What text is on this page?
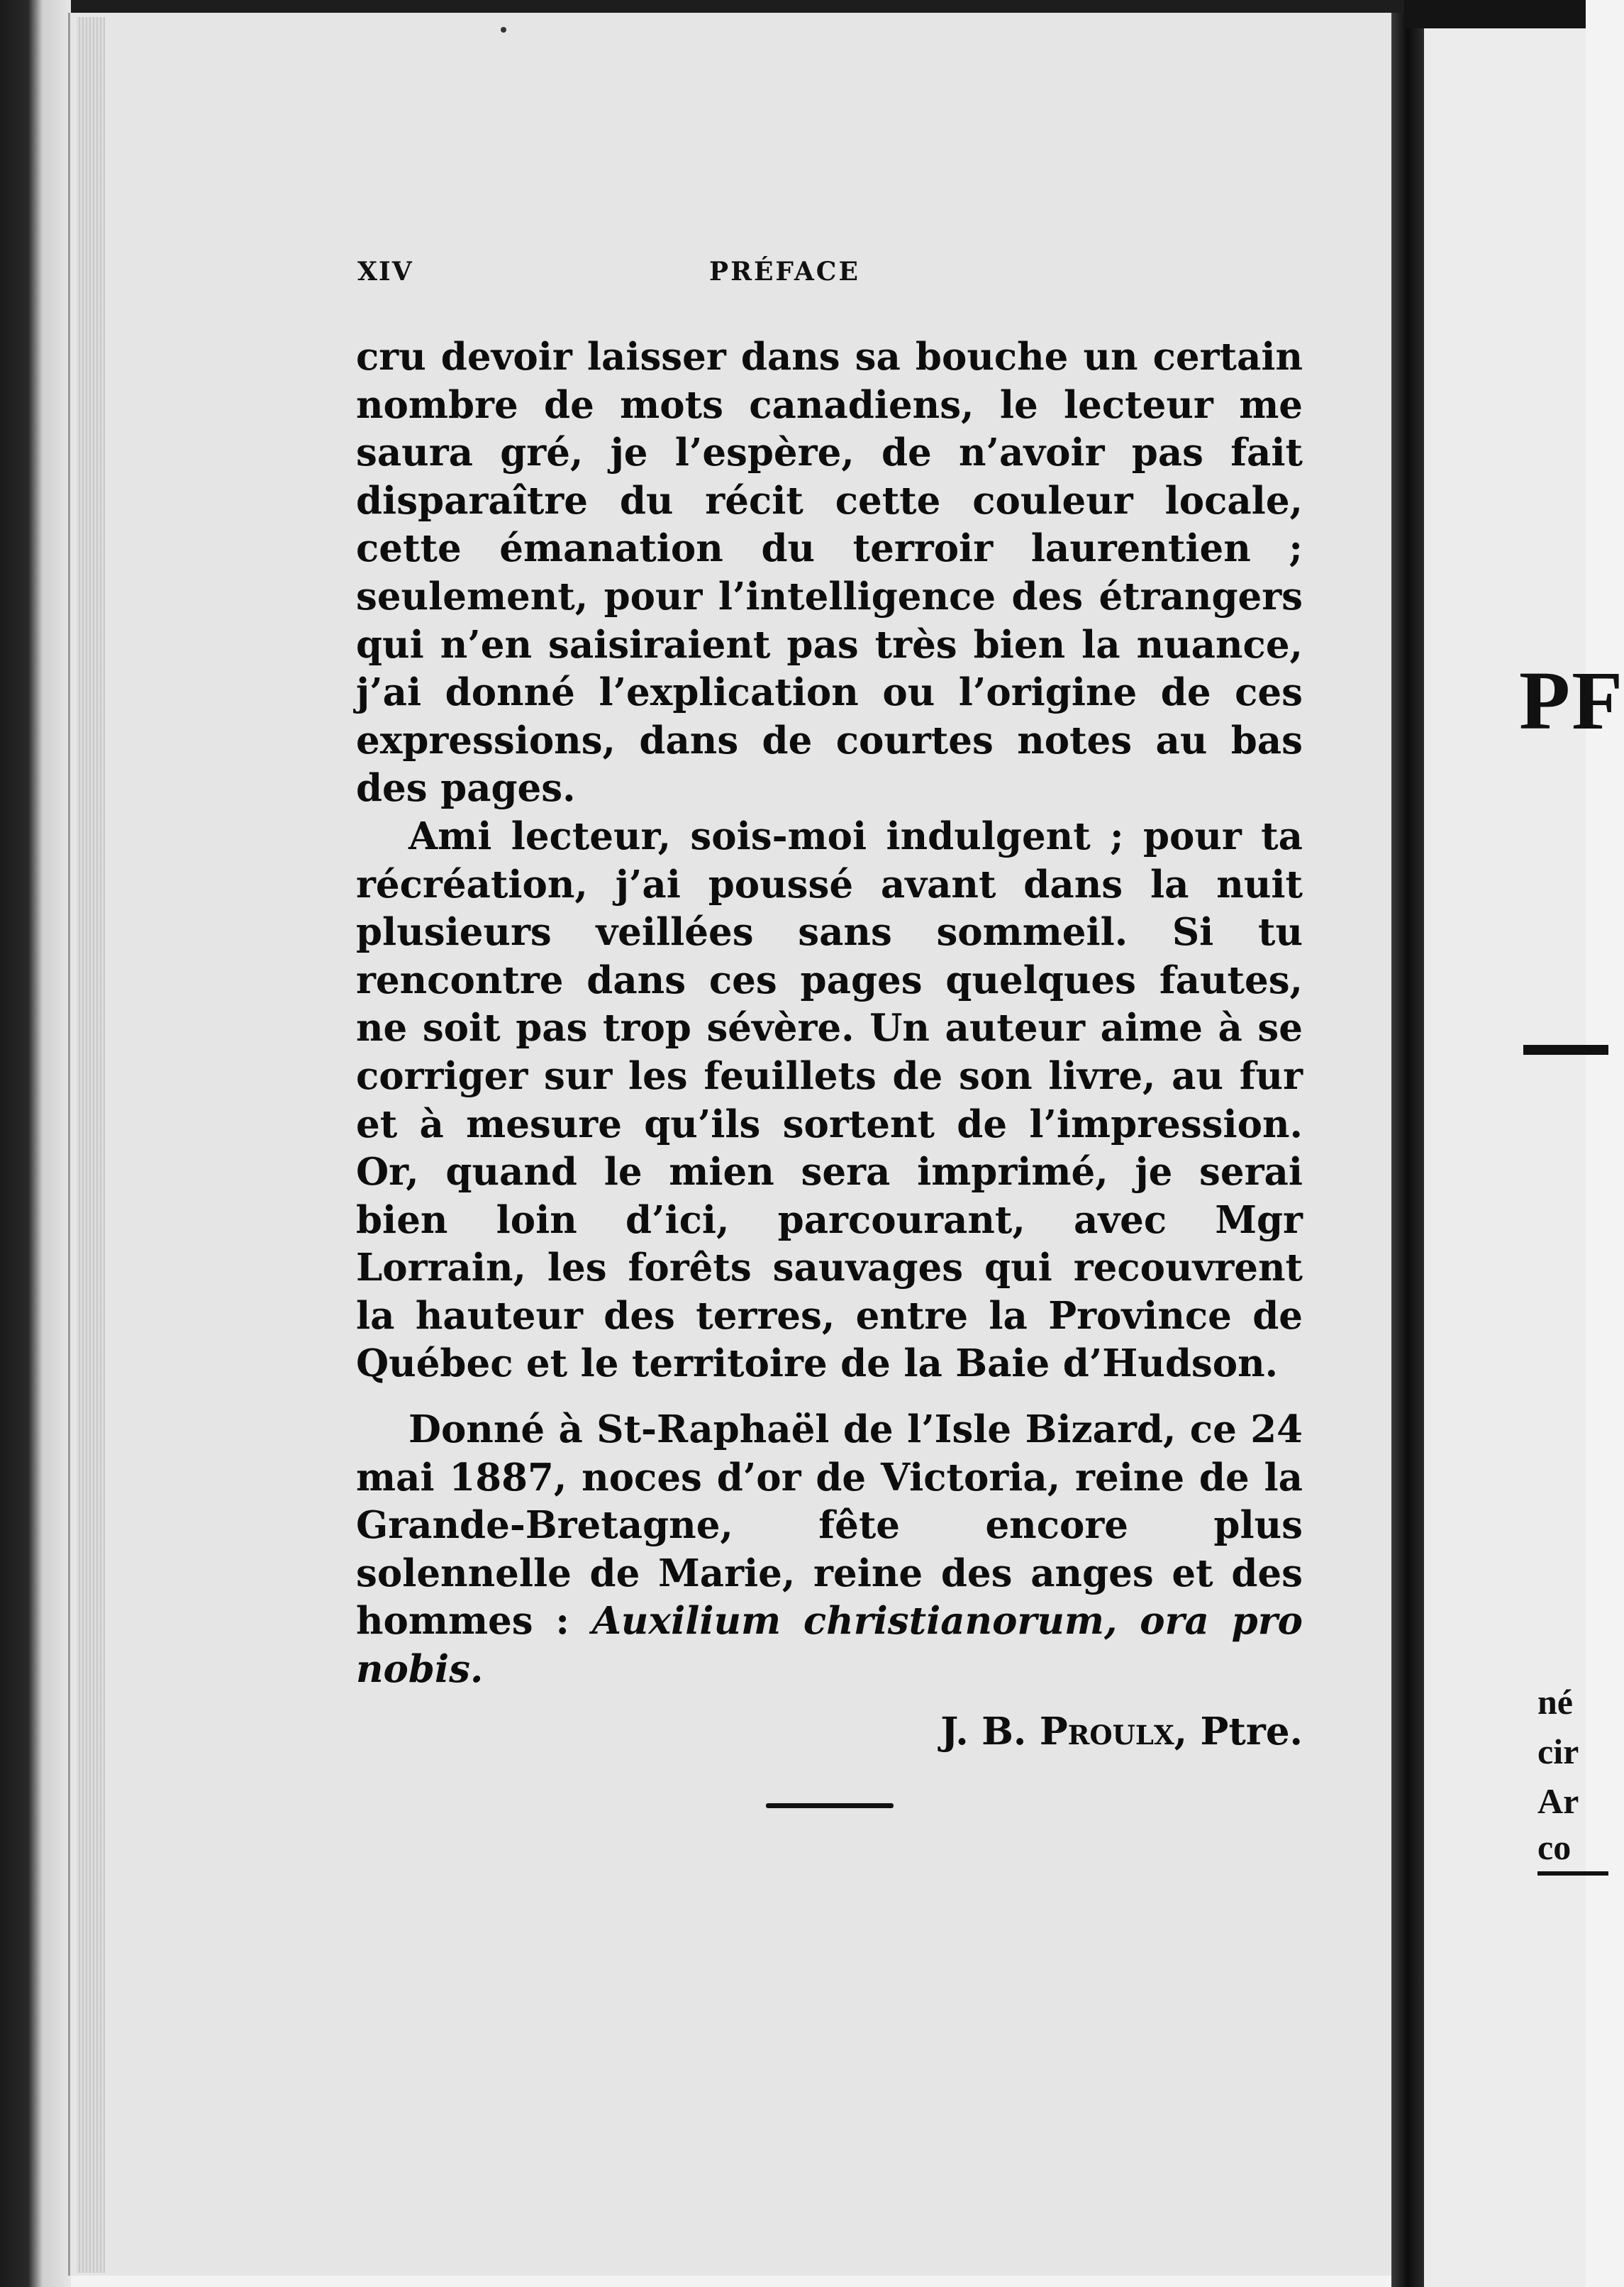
XIV	PRÉFACE

cru devoir laisser dans sa bouche un certain nombre de mots canadiens, le lecteur me saura gré, je l’espère, de n’avoir pas fait disparaître du récit cette couleur locale, cette émanation du terroir laurentien ; seulement, pour l’intelligence des étrangers qui n’en saisiraient pas très bien la nuance, j’ai donné l’explication ou l’origine de ces expressions, dans de courtes notes au bas des pages.

Ami lecteur, sois-moi indulgent ; pour ta récréation, j’ai poussé avant dans la nuit plusieurs veillées sans sommeil. Si tu rencontre dans ces pages quelques fautes, ne soit pas trop sévère. Un auteur aime à se corriger sur les feuillets de son livre, au fur et à mesure qu’ils sortent de l’impression. Or, quand le mien sera imprimé, je serai bien loin d’ici, parcourant, avec Mgr Lorrain, les forêts sauvages qui recouvrent la hauteur des terres, entre la Province de Québec et le territoire de la Baie d’Hudson.

Donné à St-Raphaël de l’Isle Bizard, ce 24 mai 1887, noces d’or de Victoria, reine de la Grande-Bretagne, fête encore plus solennelle de Marie, reine des anges et des hommes : Auxilium christianorum, ora pro nobis.

J. B. Proulx, Ptre.
PF
né
cir
Ar
co
